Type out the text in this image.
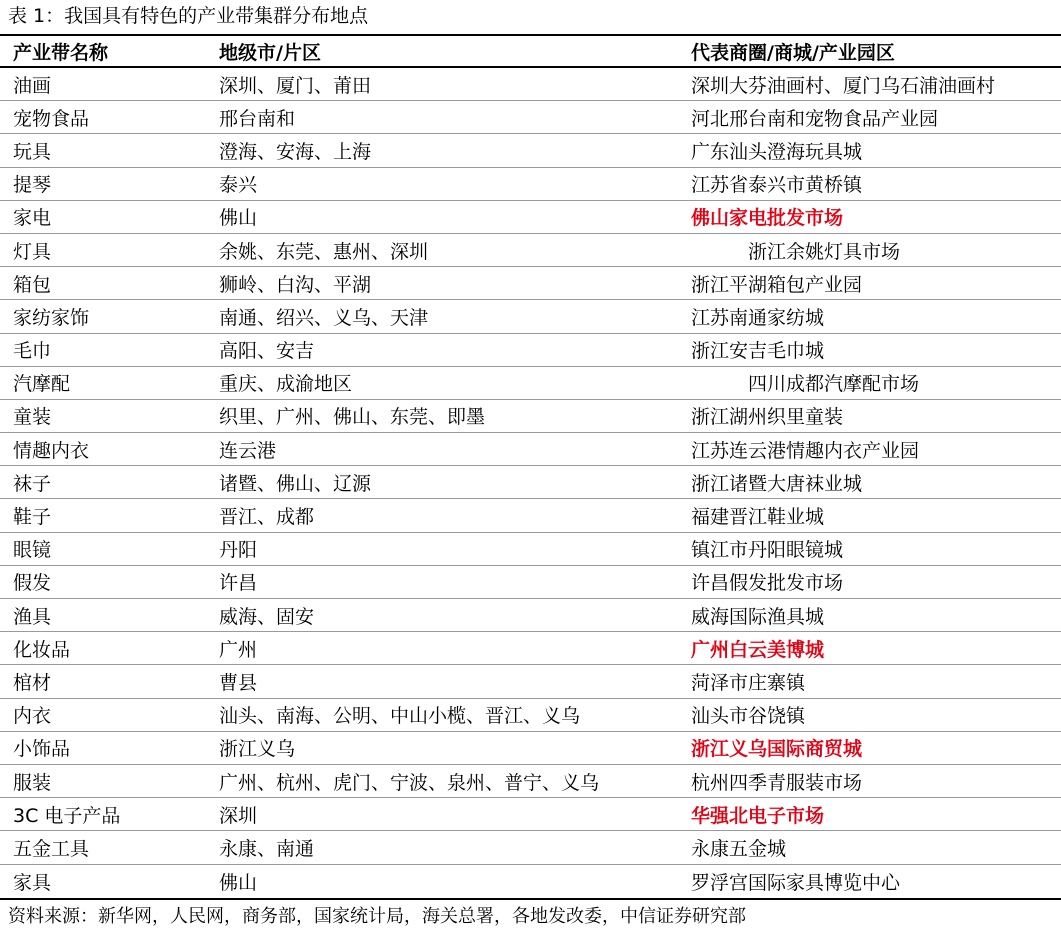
表 1：我国具有特色的产业带集群分布地点
产业带名称	地级市/片区	代表商圈/商城/产业园区
油画	深圳、厦门、莆田	深圳大芬油画村、厦门乌石浦油画村
宠物食品	邢台南和	河北邢台南和宠物食品产业园
玩具	澄海、安海、上海	广东汕头澄海玩具城
提琴	泰兴	江苏省泰兴市黄桥镇
家电	佛山	佛山家电批发市场
灯具	余姚、东莞、惠州、深圳	浙江余姚灯具市场
箱包	狮岭、白沟、平湖	浙江平湖箱包产业园
家纺家饰	南通、绍兴、义乌、天津	江苏南通家纺城
毛巾	高阳、安吉	浙江安吉毛巾城
汽摩配	重庆、成渝地区	四川成都汽摩配市场
童装	织里、广州、佛山、东莞、即墨	浙江湖州织里童装
情趣内衣	连云港	江苏连云港情趣内衣产业园
袜子	诸暨、佛山、辽源	浙江诸暨大唐袜业城
鞋子	晋江、成都	福建晋江鞋业城
眼镜	丹阳	镇江市丹阳眼镜城
假发	许昌	许昌假发批发市场
渔具	威海、固安	威海国际渔具城
化妆品	广州	广州白云美博城
棺材	曹县	菏泽市庄寨镇
内衣	汕头、南海、公明、中山小榄、晋江、义乌	汕头市谷饶镇
小饰品	浙江义乌	浙江义乌国际商贸城
服装	广州、杭州、虎门、宁波、泉州、普宁、义乌	杭州四季青服装市场
3C 电子产品	深圳	华强北电子市场
五金工具	永康、南通	永康五金城
家具	佛山	罗浮宫国际家具博览中心
资料来源：新华网，人民网，商务部，国家统计局，海关总署，各地发改委，中信证券研究部
